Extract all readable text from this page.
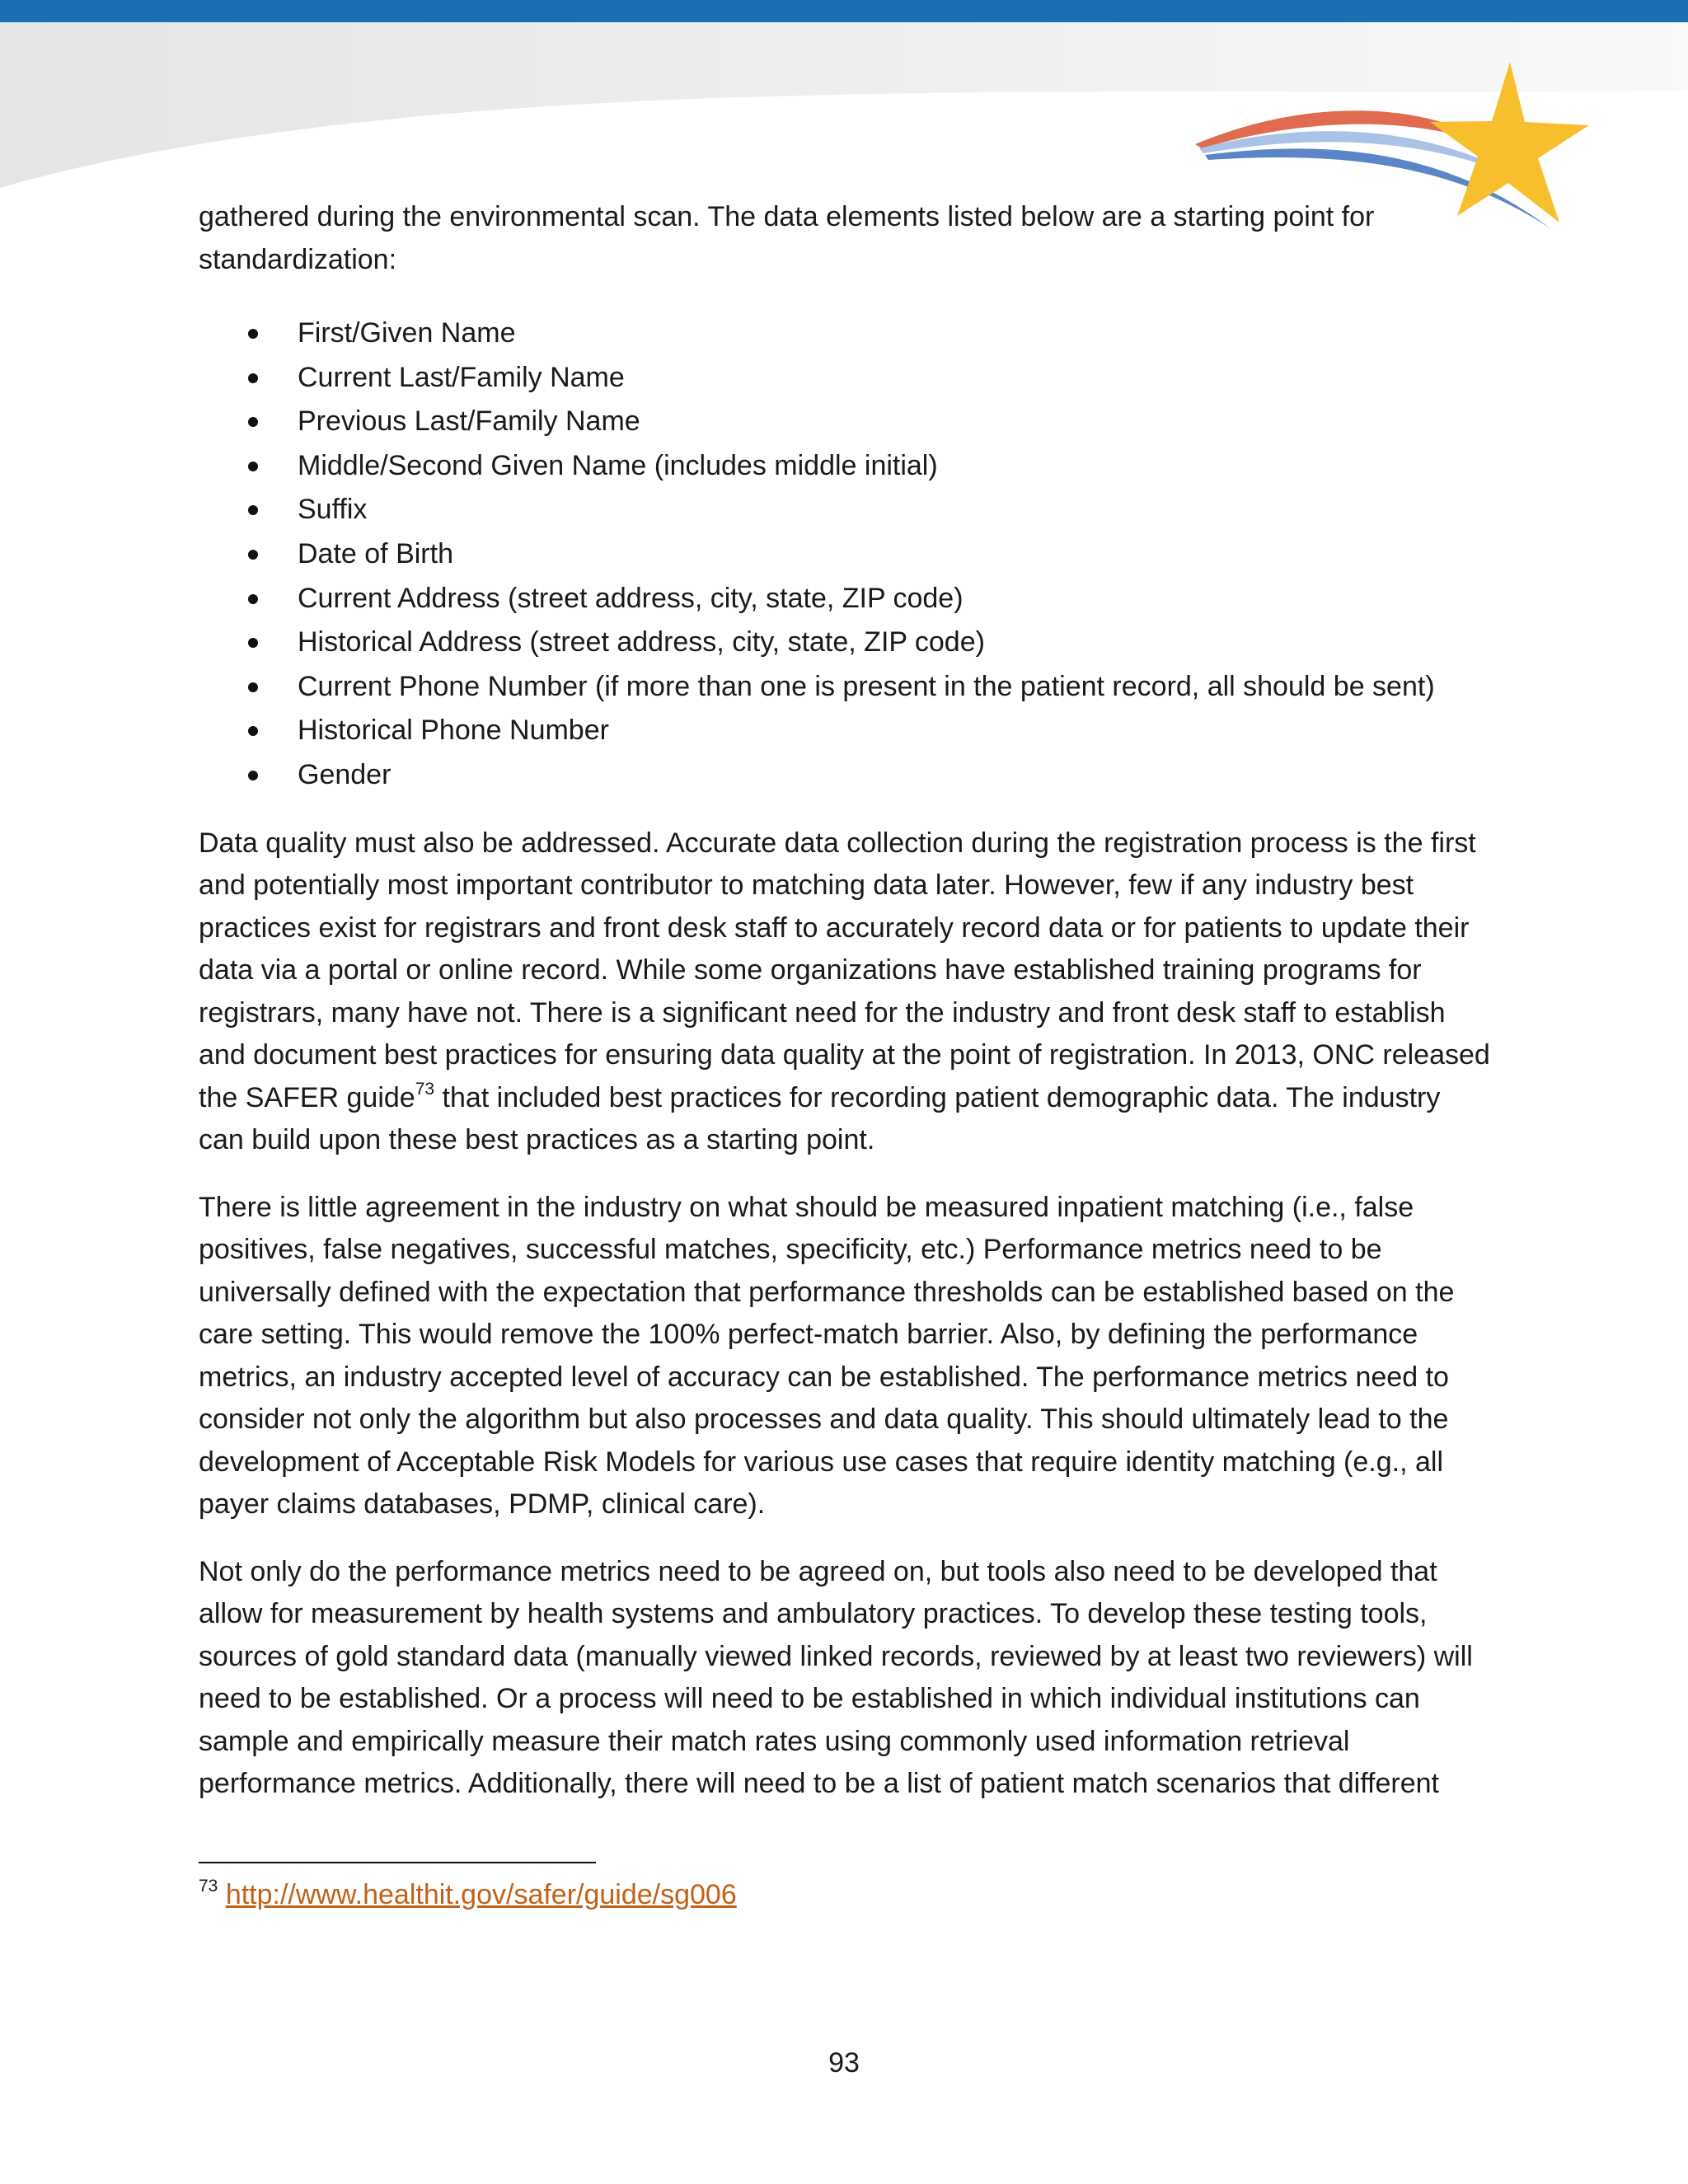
gathered during the environmental scan. The data elements listed below are a starting point for standardization:

First/Given Name
Current Last/Family Name
Previous Last/Family Name
Middle/Second Given Name (includes middle initial)
Suffix
Date of Birth
Current Address (street address, city, state, ZIP code)
Historical Address (street address, city, state, ZIP code)
Current Phone Number (if more than one is present in the patient record, all should be sent)
Historical Phone Number
Gender

Data quality must also be addressed. Accurate data collection during the registration process is the first and potentially most important contributor to matching data later. However, few if any industry best practices exist for registrars and front desk staff to accurately record data or for patients to update their data via a portal or online record. While some organizations have established training programs for registrars, many have not. There is a significant need for the industry and front desk staff to establish and document best practices for ensuring data quality at the point of registration. In 2013, ONC released the SAFER guide$^{73}$ that included best practices for recording patient demographic data. The industry can build upon these best practices as a starting point.

There is little agreement in the industry on what should be measured inpatient matching (i.e., false positives, false negatives, successful matches, specificity, etc.) Performance metrics need to be universally defined with the expectation that performance thresholds can be established based on the care setting. This would remove the 100% perfect-match barrier. Also, by defining the performance metrics, an industry accepted level of accuracy can be established. The performance metrics need to consider not only the algorithm but also processes and data quality. This should ultimately lead to the development of Acceptable Risk Models for various use cases that require identity matching (e.g., all payer claims databases, PDMP, clinical care).

Not only do the performance metrics need to be agreed on, but tools also need to be developed that allow for measurement by health systems and ambulatory practices. To develop these testing tools, sources of gold standard data (manually viewed linked records, reviewed by at least two reviewers) will need to be established. Or a process will need to be established in which individual institutions can sample and empirically measure their match rates using commonly used information retrieval performance metrics. Additionally, there will need to be a list of patient match scenarios that different

$^{73}$ http://www.healthit.gov/safer/guide/sg006
93
